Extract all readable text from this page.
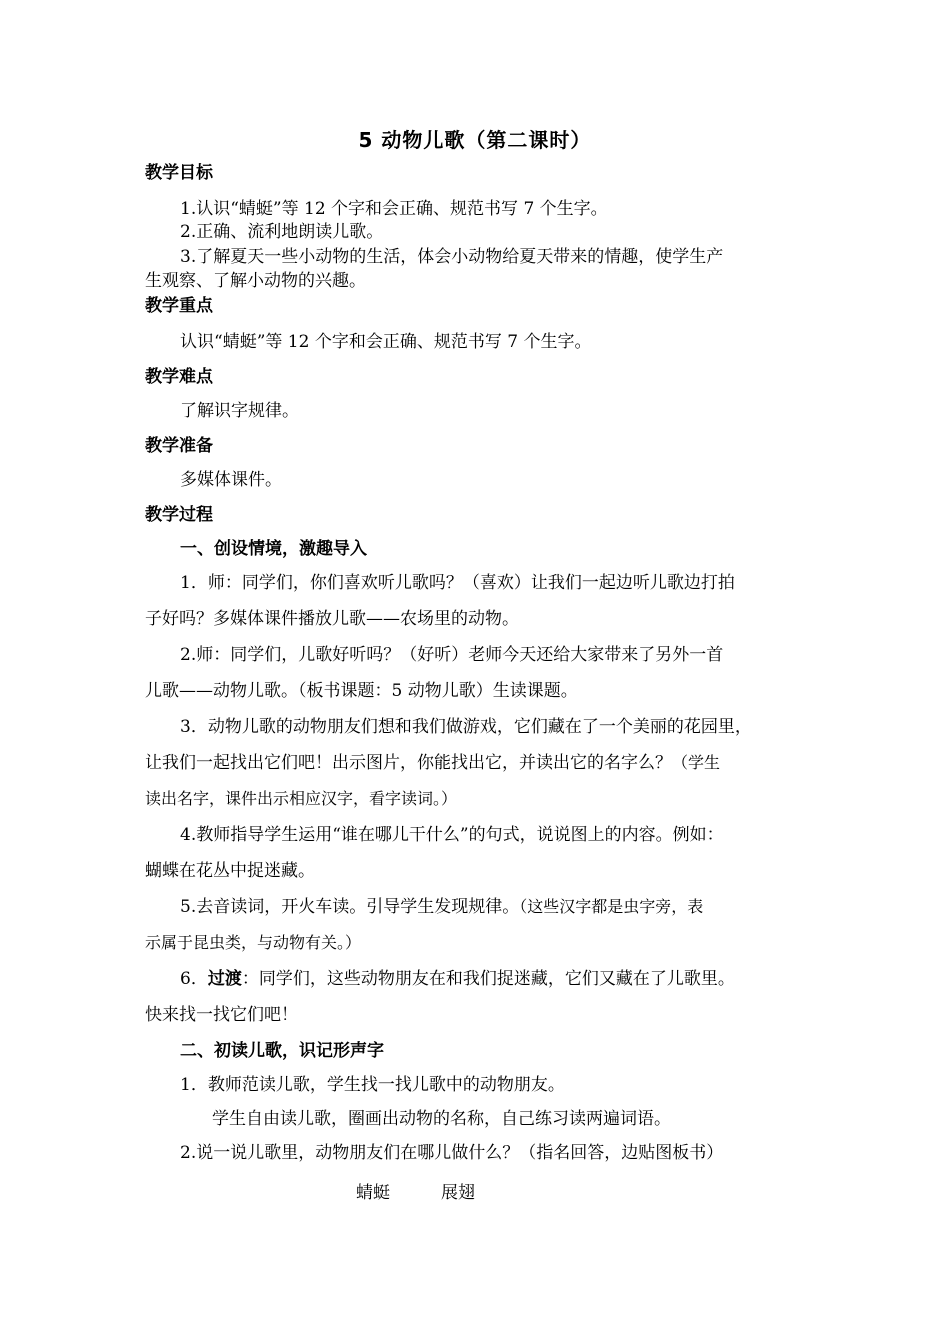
5 动物儿歌（第二课时）
教学目标
1.认识“蜻蜓”等 12 个字和会正确、规范书写 7 个生字。
2.正确、流利地朗读儿歌。
3.了解夏天一些小动物的生活，体会小动物给夏天带来的情趣，使学生产
生观察、了解小动物的兴趣。
教学重点
认识“蜻蜓”等 12 个字和会正确、规范书写 7 个生字。
教学难点
了解识字规律。
教学准备
多媒体课件。
教学过程
一、创设情境，激趣导入
1．师：同学们，你们喜欢听儿歌吗？（喜欢）让我们一起边听儿歌边打拍
子好吗？多媒体课件播放儿歌——农场里的动物。
2.师：同学们，儿歌好听吗？（好听）老师今天还给大家带来了另外一首
儿歌——动物儿歌。（板书课题：5 动物儿歌）生读课题。
3．动物儿歌的动物朋友们想和我们做游戏，它们藏在了一个美丽的花园里，
让我们一起找出它们吧！出示图片，你能找出它，并读出它的名字么？（学生
读出名字，课件出示相应汉字，看字读词。）
4.教师指导学生运用“谁在哪儿干什么”的句式，说说图上的内容。例如：
蝴蝶在花丛中捉迷藏。
5.去音读词，开火车读。引导学生发现规律。（这些汉字都是虫字旁，表
示属于昆虫类，与动物有关。）
6．过渡：同学们，这些动物朋友在和我们捉迷藏，它们又藏在了儿歌里。
快来找一找它们吧！
二、初读儿歌，识记形声字
1．教师范读儿歌，学生找一找儿歌中的动物朋友。
学生自由读儿歌，圈画出动物的名称，自己练习读两遍词语。
2.说一说儿歌里，动物朋友们在哪儿做什么？（指名回答，边贴图板书）
蜻蜓	展翅
